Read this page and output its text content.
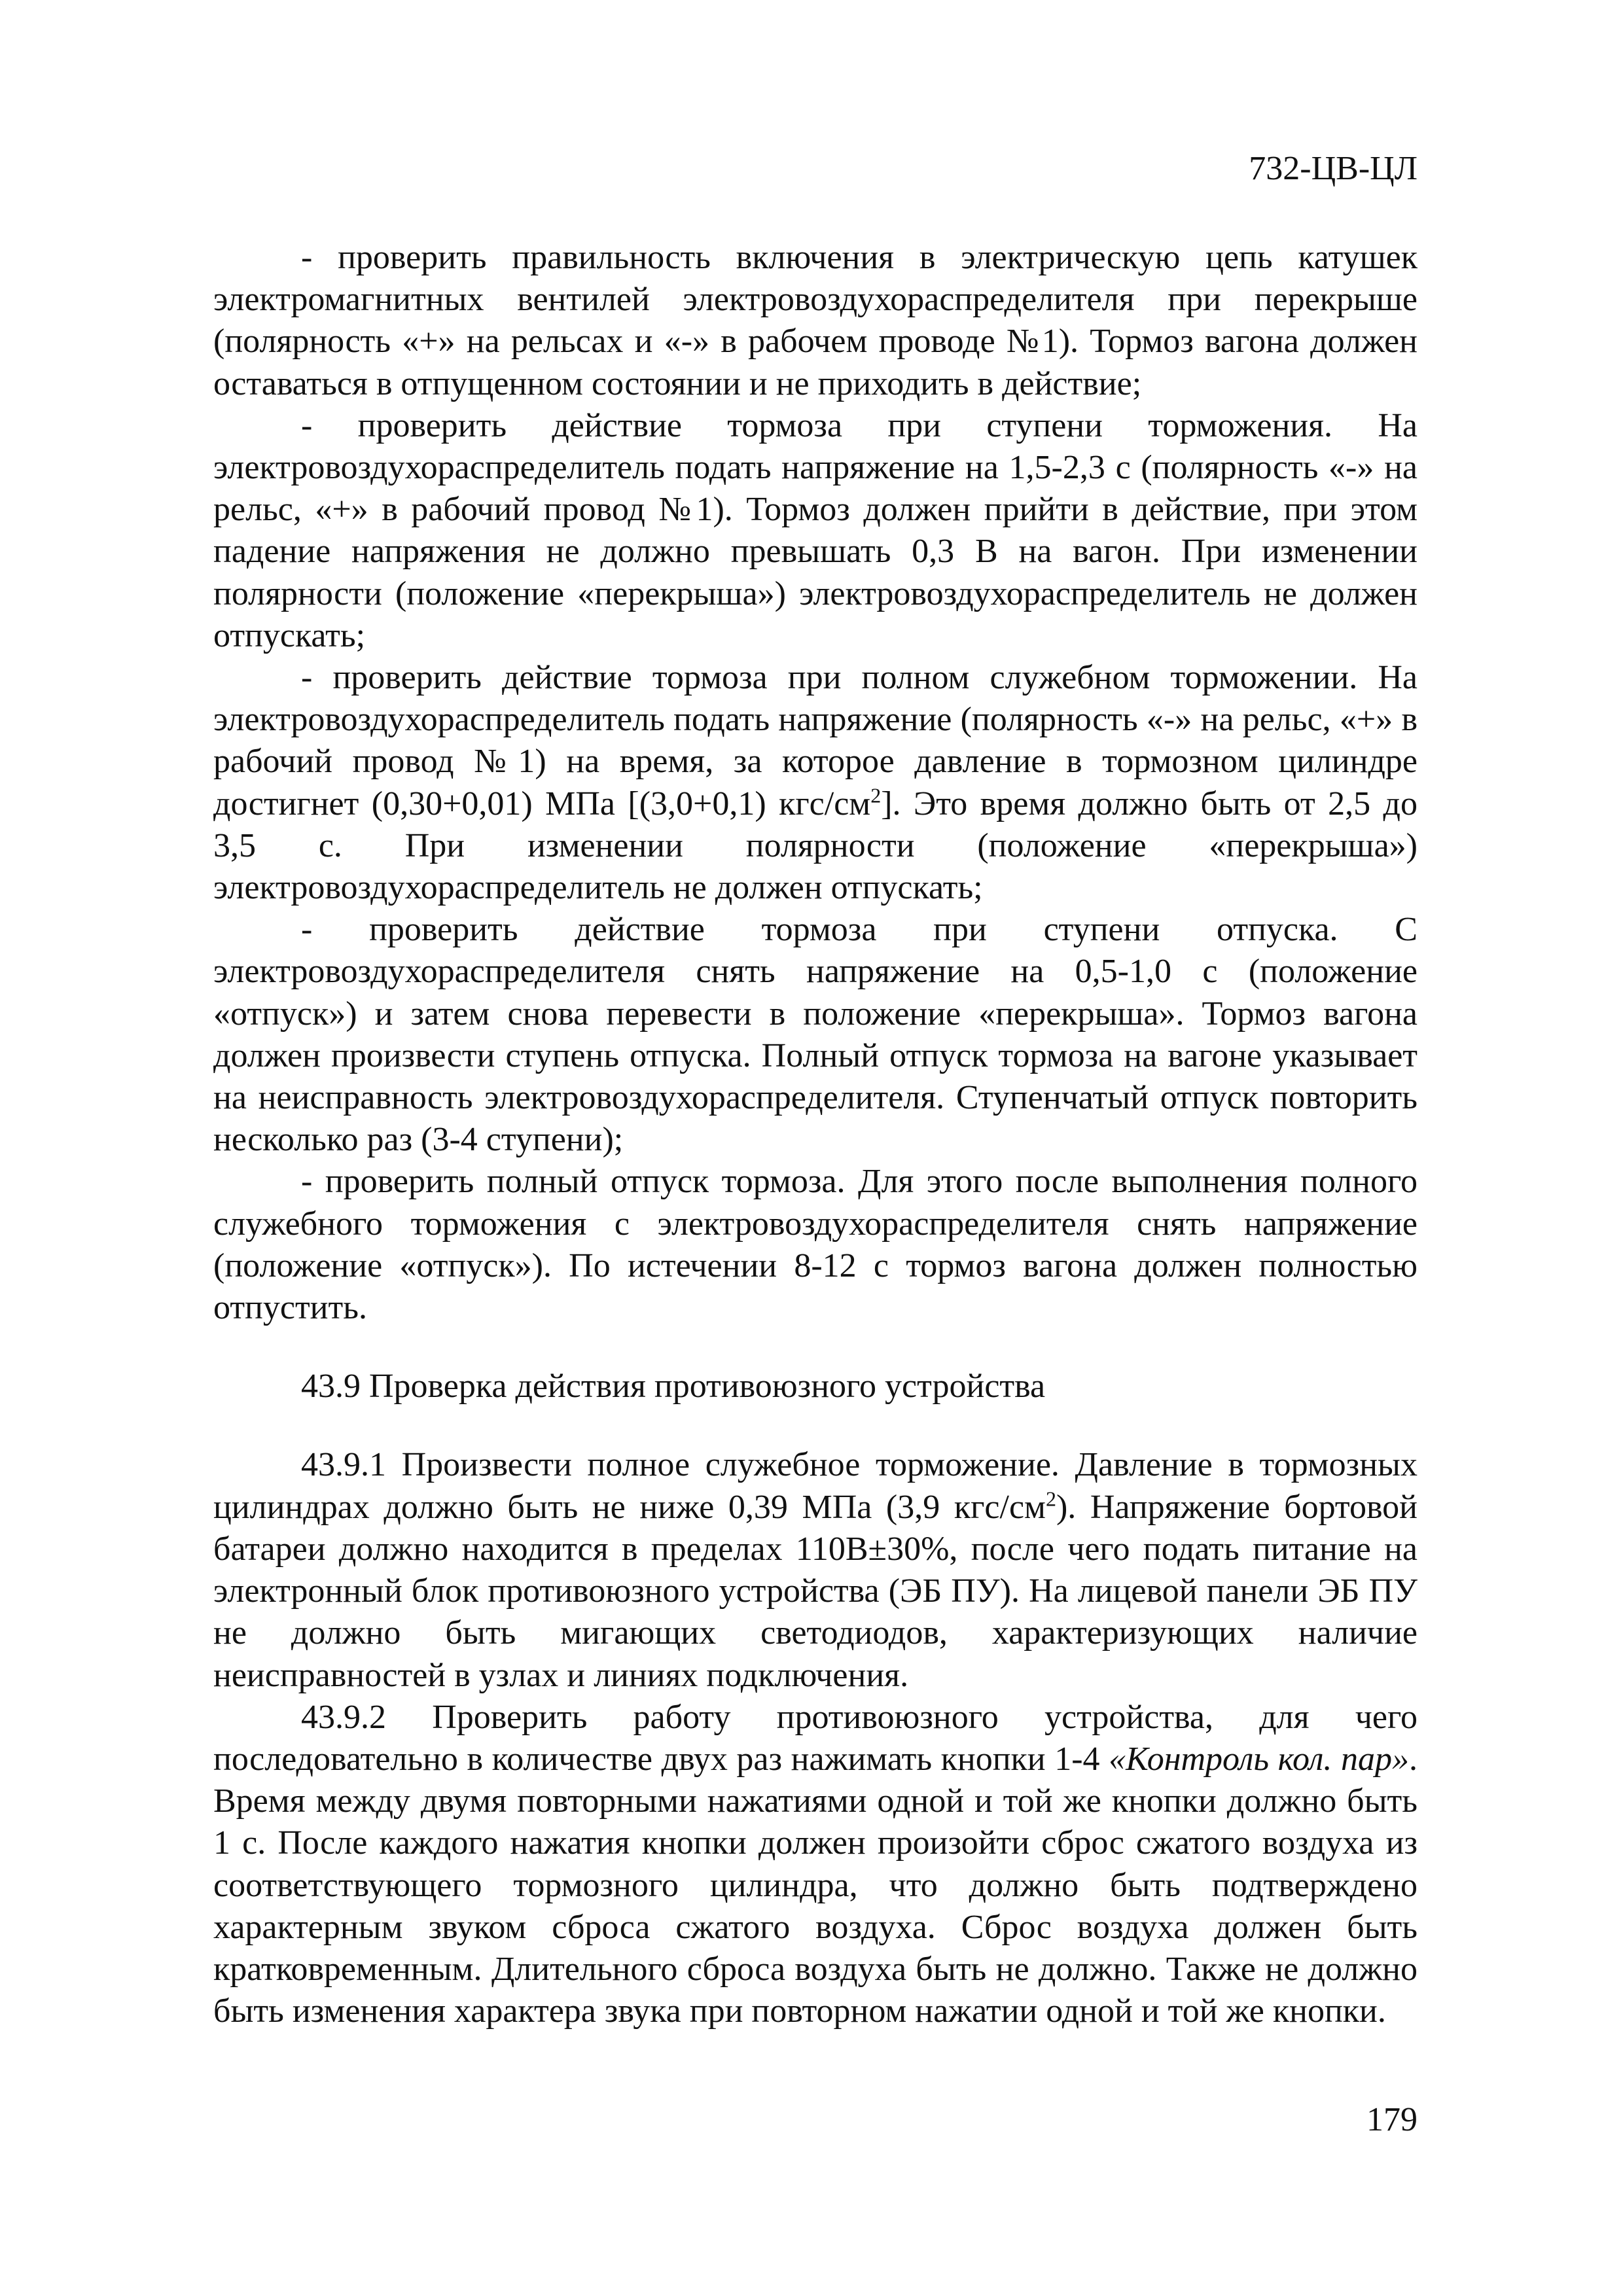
732-ЦВ-ЦЛ

- проверить правильность включения в электрическую цепь катушек электромагнитных вентилей электровоздухораспределителя при перекрыше (полярность «+» на рельсах и «-» в рабочем проводе №1). Тормоз вагона должен оставаться в отпущенном состоянии и не приходить в действие;

- проверить действие тормоза при ступени торможения. На электровоздухораспределитель подать напряжение на 1,5-2,3 с (полярность «-» на рельс, «+» в рабочий провод №1). Тормоз должен прийти в действие, при этом падение напряжения не должно превышать 0,3 В на вагон. При изменении полярности (положение «перекрыша») электровоздухораспределитель не должен отпускать;

- проверить действие тормоза при полном служебном торможении. На электровоздухораспределитель подать напряжение (полярность «-» на рельс, «+» в рабочий провод №1) на время, за которое давление в тормозном цилиндре достигнет (0,30+0,01) МПа [(3,0+0,1) кгс/$см^2$]. Это время должно быть от 2,5 до 3,5 с. При изменении полярности (положение «перекрыша») электровоздухораспределитель не должен отпускать;

- проверить действие тормоза при ступени отпуска. С электровоздухораспределителя снять напряжение на 0,5-1,0 с (положение «отпуск») и затем снова перевести в положение «перекрыша». Тормоз вагона должен произвести ступень отпуска. Полный отпуск тормоза на вагоне указывает на неисправность электровоздухораспределителя. Ступенчатый отпуск повторить несколько раз (3-4 ступени);

- проверить полный отпуск тормоза. Для этого после выполнения полного служебного торможения с электровоздухораспределителя снять напряжение (положение «отпуск»). По истечении 8-12 с тормоз вагона должен полностью отпустить.

43.9 Проверка действия противоюзного устройства

43.9.1 Произвести полное служебное торможение. Давление в тормозных цилиндрах должно быть не ниже 0,39 МПа (3,9 кгс/$см^2$). Напряжение бортовой батареи должно находится в пределах 110В±30%, после чего подать питание на электронный блок противоюзного устройства (ЭБ ПУ). На лицевой панели ЭБ ПУ не должно быть мигающих светодиодов, характеризующих наличие неисправностей в узлах и линиях подключения.

43.9.2 Проверить работу противоюзного устройства, для чего последовательно в количестве двух раз нажимать кнопки 1-4 «Контроль кол. пар». Время между двумя повторными нажатиями одной и той же кнопки должно быть 1 с. После каждого нажатия кнопки должен произойти сброс сжатого воздуха из соответствующего тормозного цилиндра, что должно быть подтверждено характерным звуком сброса сжатого воздуха. Сброс воздуха должен быть кратковременным. Длительного сброса воздуха быть не должно. Также не должно быть изменения характера звука при повторном нажатии одной и той же кнопки.

179
